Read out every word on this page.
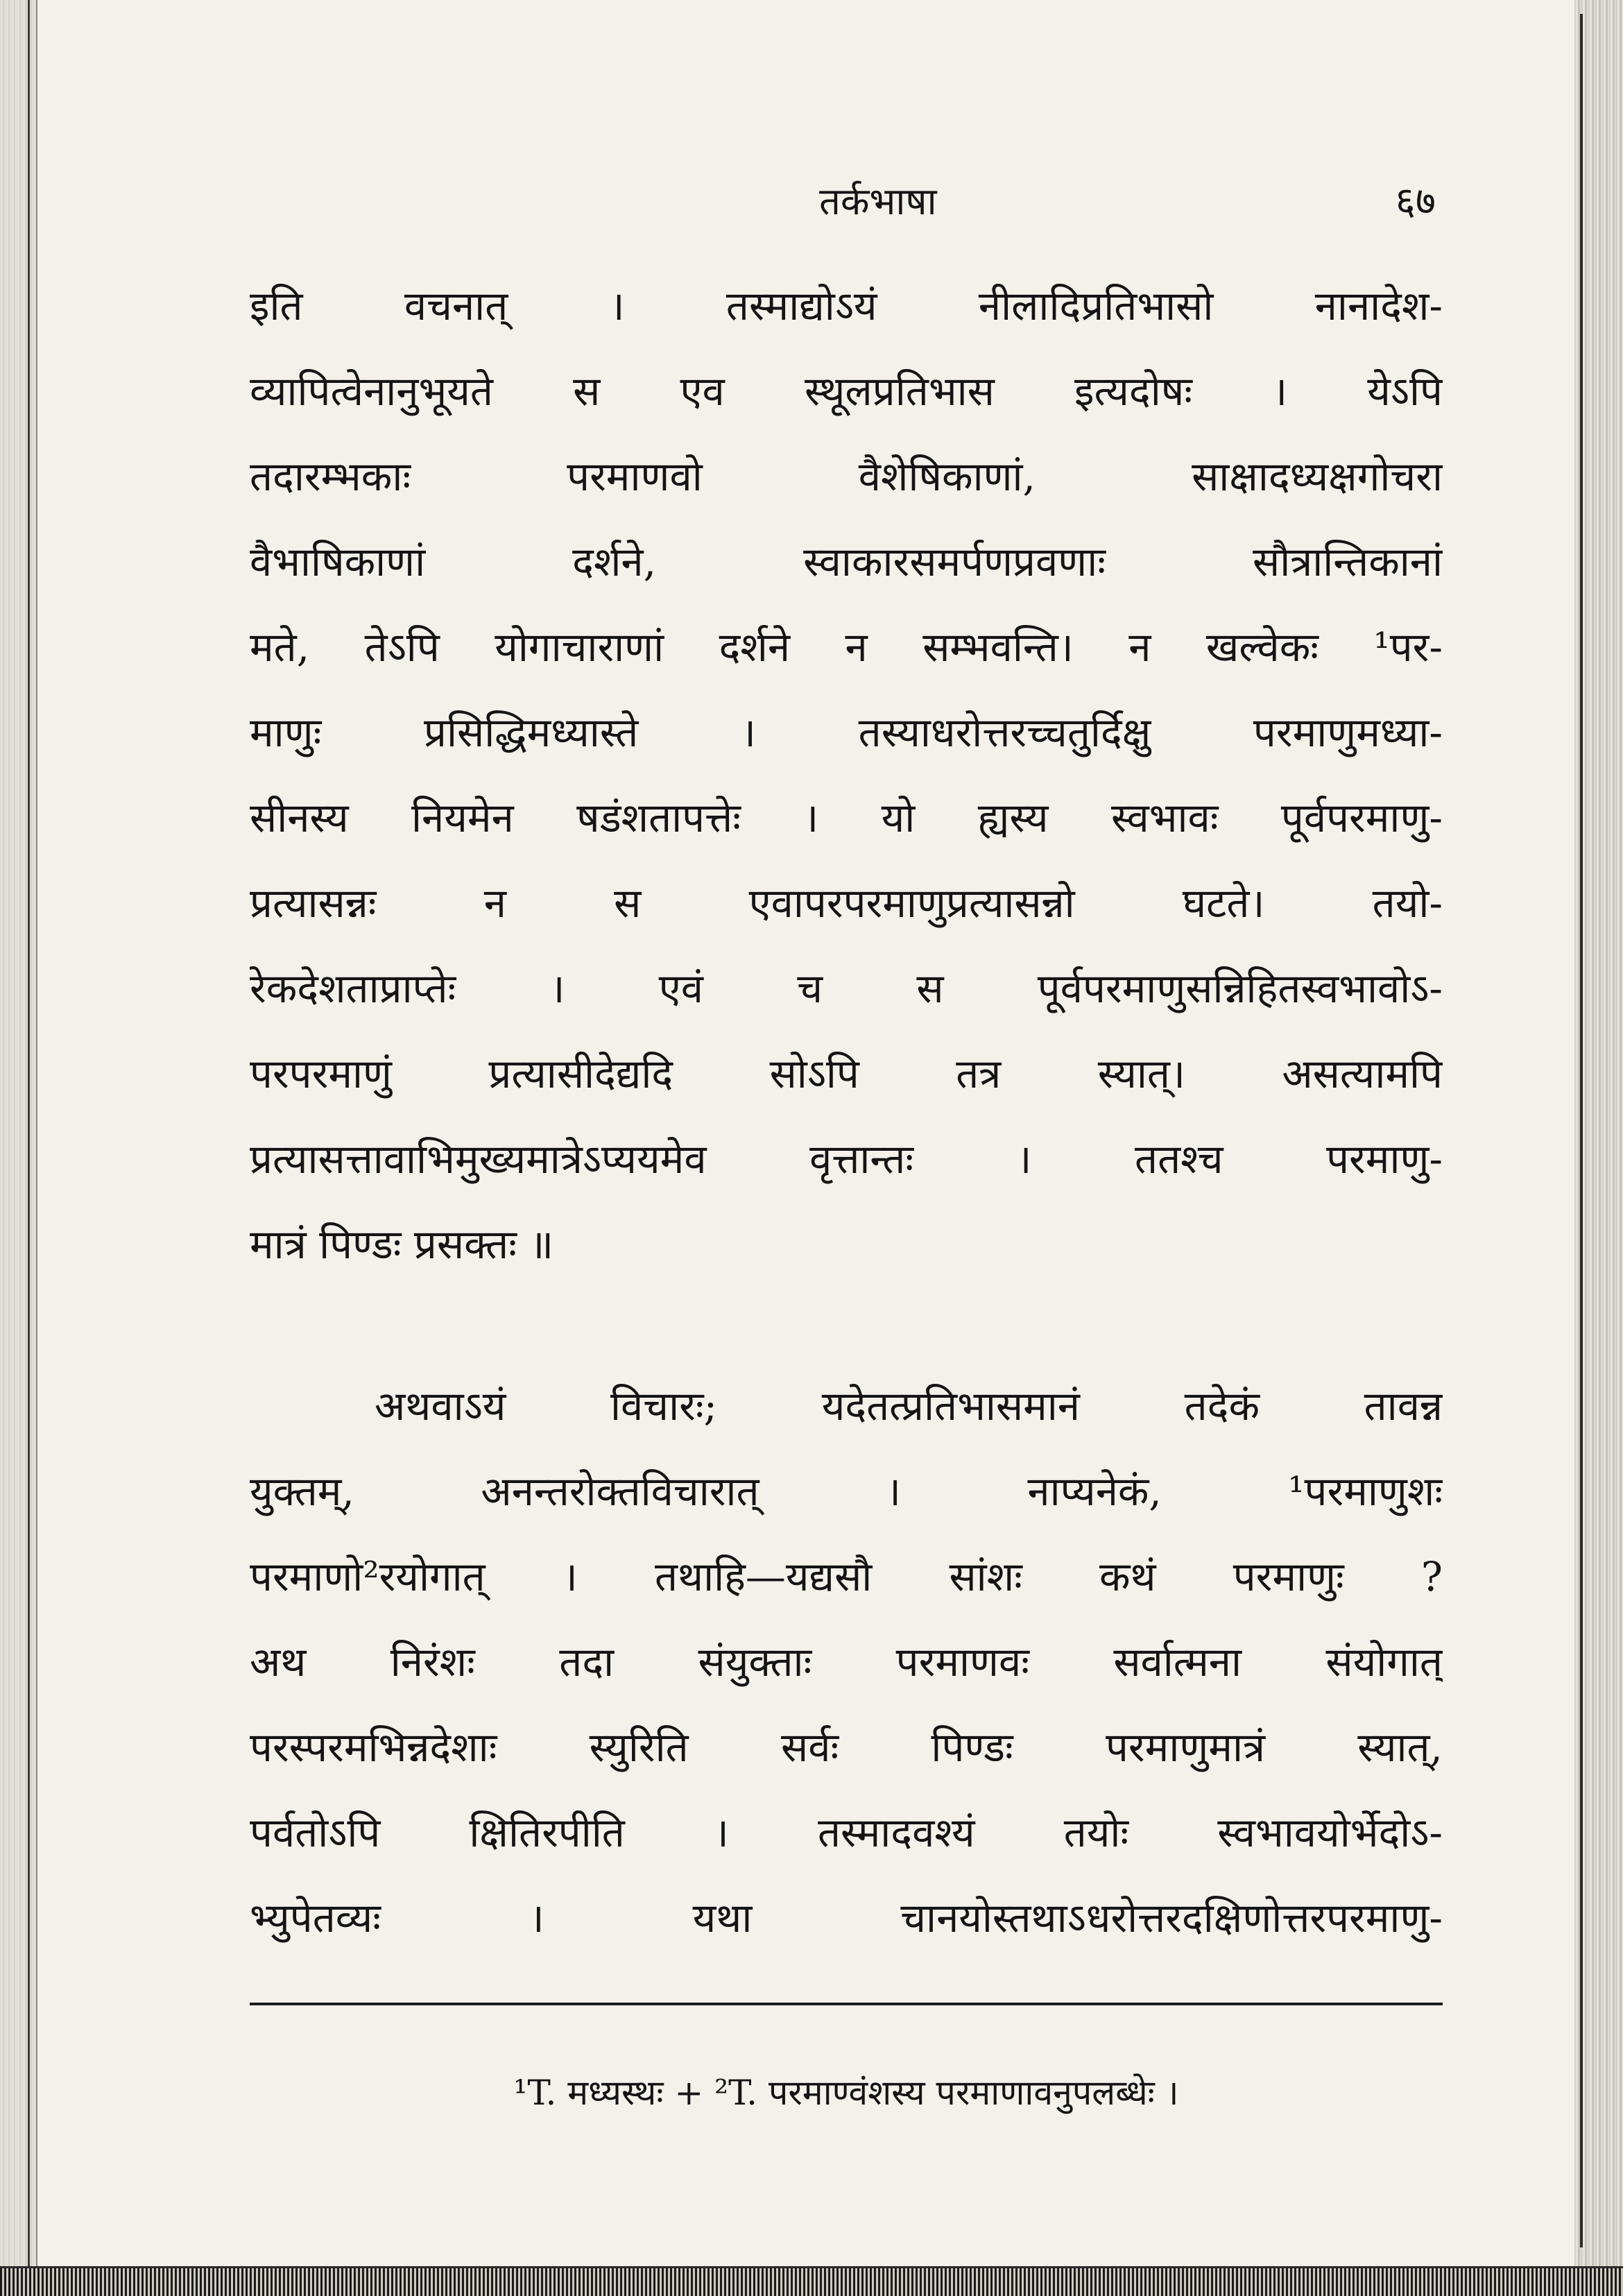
तर्कभाषा	६७
इति वचनात् । तस्माद्योऽयं नीलादिप्रतिभासो नानादेश-
व्यापित्वेनानुभूयते स एव स्थूलप्रतिभास इत्यदोषः । येऽपि
तदारम्भकाः परमाणवो वैशेषिकाणां, साक्षादध्यक्षगोचरा
वैभाषिकाणां दर्शने, स्वाकारसमर्पणप्रवणाः सौत्रान्तिकानां
मते, तेऽपि योगाचाराणां दर्शने न सम्भवन्ति। न खल्वेकः ¹पर-
माणुः प्रसिद्धिमध्यास्ते । तस्याधरोत्तरच्चतुर्दिक्षु परमाणुमध्या-
सीनस्य नियमेन षडंशतापत्तेः । यो ह्यस्य स्वभावः पूर्वपरमाणु-
प्रत्यासन्नः न स एवापरपरमाणुप्रत्यासन्नो घटते। तयो-
रेकदेशताप्राप्तेः । एवं च स पूर्वपरमाणुसन्निहितस्वभावोऽ-
परपरमाणुं प्रत्यासीदेद्यदि सोऽपि तत्र स्यात्। असत्यामपि
प्रत्यासत्तावाभिमुख्यमात्रेऽप्ययमेव वृत्तान्तः । ततश्च परमाणु-
मात्रं पिण्डः प्रसक्तः ॥
अथवाऽयं विचारः; यदेतत्प्रतिभासमानं तदेकं तावन्न
युक्तम्, अनन्तरोक्तविचारात् । नाप्यनेकं, ¹परमाणुशः
परमाणो²रयोगात् । तथाहि—यद्यसौ सांशः कथं परमाणुः ?
अथ निरंशः तदा संयुक्ताः परमाणवः सर्वात्मना संयोगात्
परस्परमभिन्नदेशाः स्युरिति सर्वः पिण्डः परमाणुमात्रं स्यात्,
पर्वतोऽपि क्षितिरपीति । तस्मादवश्यं तयोः स्वभावयोर्भेदोऽ-
भ्युपेतव्यः । यथा चानयोस्तथाऽधरोत्तरदक्षिणोत्तरपरमाणु-
¹T. मध्यस्थः + ²T. परमाण्वंशस्य परमाणावनुपलब्धेः ।
